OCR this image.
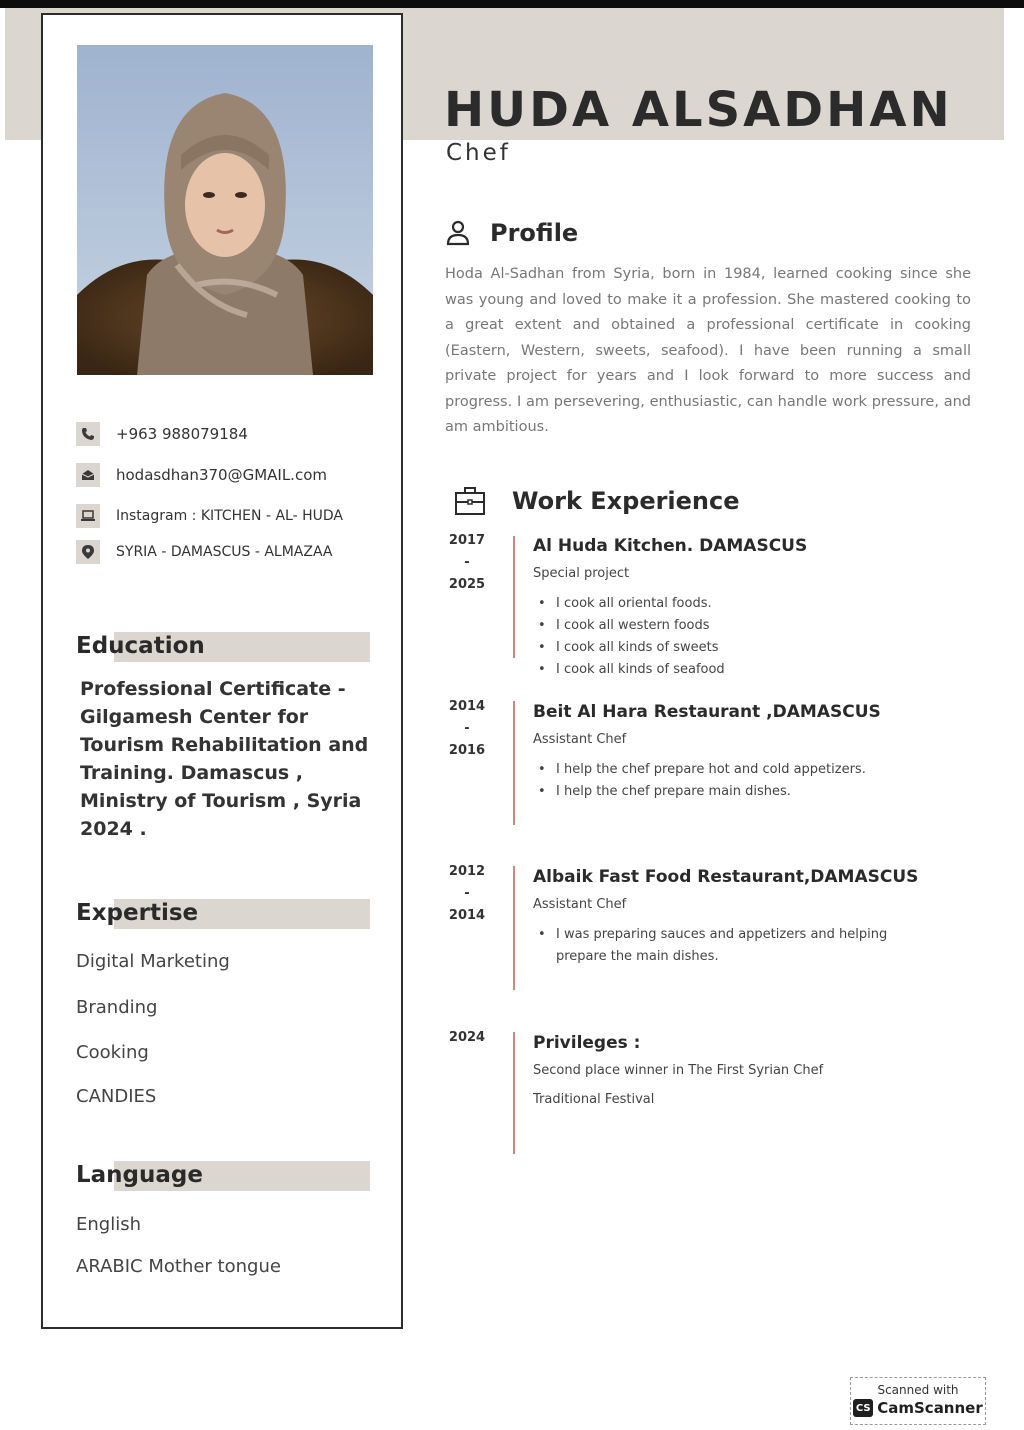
+963 988079184
hodasdhan370@GMAIL.com
Instagram : KITCHEN - AL- HUDA
SYRIA - DAMASCUS - ALMAZAA
Education
Professional Certificate - Gilgamesh Center for Tourism Rehabilitation and Training. Damascus , Ministry of Tourism , Syria 2024 .
Expertise
Digital Marketing
Branding
Cooking
CANDIES
Language
English
ARABIC Mother tongue
HUDA ALSADHAN
Chef
Profile
Hoda Al-Sadhan from Syria, born in 1984, learned cooking since she was young and loved to make it a profession. She mastered cooking to a great extent and obtained a professional certificate in cooking (Eastern, Western, sweets, seafood). I have been running a small private project for years and I look forward to more success and progress. I am persevering, enthusiastic, can handle work pressure, and am ambitious.
Work Experience
2017
-
2025
Al Huda Kitchen. DAMASCUS
Special project
• I cook all oriental foods.
• I cook all western foods
• I cook all kinds of sweets
• I cook all kinds of seafood
2014
-
2016
Beit Al Hara Restaurant ,DAMASCUS
Assistant Chef
• I help the chef prepare hot and cold appetizers.
• I help the chef prepare main dishes.
2012
-
2014
Albaik Fast Food Restaurant,DAMASCUS
Assistant Chef
• I was preparing sauces and appetizers and helping prepare the main dishes.
2024	Privileges :
Second place winner in The First Syrian Chef
Traditional Festival
Scanned with
CS CamScanner
